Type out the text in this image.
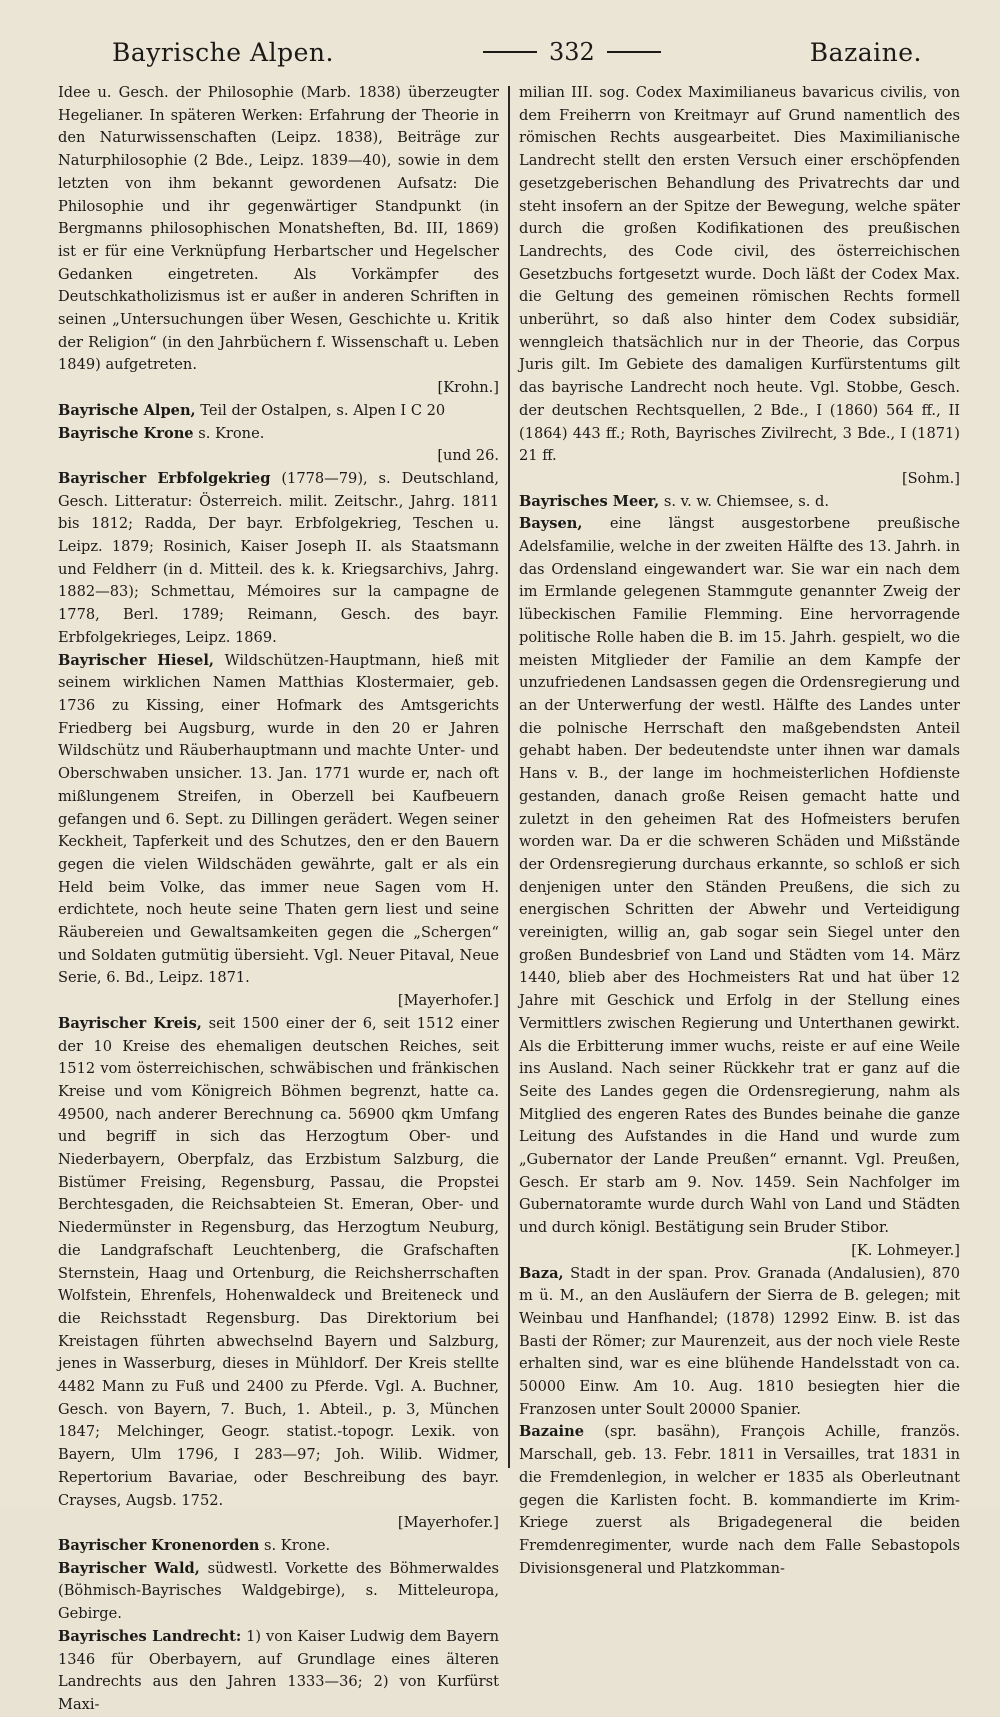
Bayrische Alpen.	332	Bazaine.

Idee u. Gesch. der Philosophie (Marb. 1838) überzeugter Hegelianer. In späteren Werken: Erfahrung der Theorie in den Naturwissenschaften (Leipz. 1838), Beiträge zur Naturphilosophie (2 Bde., Leipz. 1839—40), sowie in dem letzten von ihm bekannt gewordenen Aufsatz: Die Philosophie und ihr gegenwärtiger Standpunkt (in Bergmanns philosophischen Monatsheften, Bd. III, 1869) ist er für eine Verknüpfung Herbartscher und Hegelscher Gedanken eingetreten. Als Vorkämpfer des Deutschkatholizismus ist er außer in anderen Schriften in seinen „Untersuchungen über Wesen, Geschichte u. Kritik der Religion“ (in den Jahrbüchern f. Wissenschaft u. Leben 1849) aufgetreten.
[Krohn.]

Bayrische Alpen, Teil der Ostalpen, s. Alpen I C 20

Bayrische Krone s. Krone.
[und 26.

Bayrischer Erbfolgekrieg (1778—79), s. Deutschland, Gesch. Litteratur: Österreich. milit. Zeitschr., Jahrg. 1811 bis 1812; Radda, Der bayr. Erbfolgekrieg, Teschen u. Leipz. 1879; Rosinich, Kaiser Joseph II. als Staatsmann und Feldherr (in d. Mitteil. des k. k. Kriegsarchivs, Jahrg. 1882—83); Schmettau, Mémoires sur la campagne de 1778, Berl. 1789; Reimann, Gesch. des bayr. Erbfolgekrieges, Leipz. 1869.

Bayrischer Hiesel, Wildschützen-Hauptmann, hieß mit seinem wirklichen Namen Matthias Klostermaier, geb. 1736 zu Kissing, einer Hofmark des Amtsgerichts Friedberg bei Augsburg, wurde in den 20 er Jahren Wildschütz und Räuberhauptmann und machte Unter- und Oberschwaben unsicher. 13. Jan. 1771 wurde er, nach oft mißlungenem Streifen, in Oberzell bei Kaufbeuern gefangen und 6. Sept. zu Dillingen gerädert. Wegen seiner Keckheit, Tapferkeit und des Schutzes, den er den Bauern gegen die vielen Wildschäden gewährte, galt er als ein Held beim Volke, das immer neue Sagen vom H. erdichtete, noch heute seine Thaten gern liest und seine Räubereien und Gewaltsamkeiten gegen die „Schergen“ und Soldaten gutmütig übersieht. Vgl. Neuer Pitaval, Neue Serie, 6. Bd., Leipz. 1871.
[Mayerhofer.]

Bayrischer Kreis, seit 1500 einer der 6, seit 1512 einer der 10 Kreise des ehemaligen deutschen Reiches, seit 1512 vom österreichischen, schwäbischen und fränkischen Kreise und vom Königreich Böhmen begrenzt, hatte ca. 49500, nach anderer Berechnung ca. 56900 qkm Umfang und begriff in sich das Herzogtum Ober- und Niederbayern, Oberpfalz, das Erzbistum Salzburg, die Bistümer Freising, Regensburg, Passau, die Propstei Berchtesgaden, die Reichsabteien St. Emeran, Ober- und Niedermünster in Regensburg, das Herzogtum Neuburg, die Landgrafschaft Leuchtenberg, die Grafschaften Sternstein, Haag und Ortenburg, die Reichsherrschaften Wolfstein, Ehrenfels, Hohenwaldeck und Breiteneck und die Reichsstadt Regensburg. Das Direktorium bei Kreistagen führten abwechselnd Bayern und Salzburg, jenes in Wasserburg, dieses in Mühldorf. Der Kreis stellte 4482 Mann zu Fuß und 2400 zu Pferde. Vgl. A. Buchner, Gesch. von Bayern, 7. Buch, 1. Abteil., p. 3, München 1847; Melchinger, Geogr. statist.-topogr. Lexik. von Bayern, Ulm 1796, I 283—97; Joh. Wilib. Widmer, Repertorium Bavariae, oder Beschreibung des bayr. Crayses, Augsb. 1752.
[Mayerhofer.]

Bayrischer Kronenorden s. Krone.

Bayrischer Wald, südwestl. Vorkette des Böhmerwaldes (Böhmisch-Bayrisches Waldgebirge), s. Mitteleuropa, Gebirge.

Bayrisches Landrecht: 1) von Kaiser Ludwig dem Bayern 1346 für Oberbayern, auf Grundlage eines älteren Landrechts aus den Jahren 1333—36; 2) von Kurfürst Maxi-

milian III. sog. Codex Maximilianeus bavaricus civilis, von dem Freiherrn von Kreitmayr auf Grund namentlich des römischen Rechts ausgearbeitet. Dies Maximilianische Landrecht stellt den ersten Versuch einer erschöpfenden gesetzgeberischen Behandlung des Privatrechts dar und steht insofern an der Spitze der Bewegung, welche später durch die großen Kodifikationen des preußischen Landrechts, des Code civil, des österreichischen Gesetzbuchs fortgesetzt wurde. Doch läßt der Codex Max. die Geltung des gemeinen römischen Rechts formell unberührt, so daß also hinter dem Codex subsidiär, wenngleich thatsächlich nur in der Theorie, das Corpus Juris gilt. Im Gebiete des damaligen Kurfürstentums gilt das bayrische Landrecht noch heute. Vgl. Stobbe, Gesch. der deutschen Rechtsquellen, 2 Bde., I (1860) 564 ff., II (1864) 443 ff.; Roth, Bayrisches Zivilrecht, 3 Bde., I (1871) 21 ff.
[Sohm.]

Bayrisches Meer, s. v. w. Chiemsee, s. d.

Baysen, eine längst ausgestorbene preußische Adelsfamilie, welche in der zweiten Hälfte des 13. Jahrh. in das Ordensland eingewandert war. Sie war ein nach dem im Ermlande gelegenen Stammgute genannter Zweig der lübeckischen Familie Flemming. Eine hervorragende politische Rolle haben die B. im 15. Jahrh. gespielt, wo die meisten Mitglieder der Familie an dem Kampfe der unzufriedenen Landsassen gegen die Ordensregierung und an der Unterwerfung der westl. Hälfte des Landes unter die polnische Herrschaft den maßgebendsten Anteil gehabt haben. Der bedeutendste unter ihnen war damals Hans v. B., der lange im hochmeisterlichen Hofdienste gestanden, danach große Reisen gemacht hatte und zuletzt in den geheimen Rat des Hofmeisters berufen worden war. Da er die schweren Schäden und Mißstände der Ordensregierung durchaus erkannte, so schloß er sich denjenigen unter den Ständen Preußens, die sich zu energischen Schritten der Abwehr und Verteidigung vereinigten, willig an, gab sogar sein Siegel unter den großen Bundesbrief von Land und Städten vom 14. März 1440, blieb aber des Hochmeisters Rat und hat über 12 Jahre mit Geschick und Erfolg in der Stellung eines Vermittlers zwischen Regierung und Unterthanen gewirkt. Als die Erbitterung immer wuchs, reiste er auf eine Weile ins Ausland. Nach seiner Rückkehr trat er ganz auf die Seite des Landes gegen die Ordensregierung, nahm als Mitglied des engeren Rates des Bundes beinahe die ganze Leitung des Aufstandes in die Hand und wurde zum „Gubernator der Lande Preußen“ ernannt. Vgl. Preußen, Gesch. Er starb am 9. Nov. 1459. Sein Nachfolger im Gubernatoramte wurde durch Wahl von Land und Städten und durch königl. Bestätigung sein Bruder Stibor.
[K. Lohmeyer.]

Baza, Stadt in der span. Prov. Granada (Andalusien), 870 m ü. M., an den Ausläufern der Sierra de B. gelegen; mit Weinbau und Hanfhandel; (1878) 12992 Einw. B. ist das Basti der Römer; zur Maurenzeit, aus der noch viele Reste erhalten sind, war es eine blühende Handelsstadt von ca. 50000 Einw. Am 10. Aug. 1810 besiegten hier die Franzosen unter Soult 20000 Spanier.

Bazaine (spr. basähn), François Achille, französ. Marschall, geb. 13. Febr. 1811 in Versailles, trat 1831 in die Fremdenlegion, in welcher er 1835 als Oberleutnant gegen die Karlisten focht. B. kommandierte im Krim-Kriege zuerst als Brigadegeneral die beiden Fremdenregimenter, wurde nach dem Falle Sebastopols Divisionsgeneral und Platzkomman-
